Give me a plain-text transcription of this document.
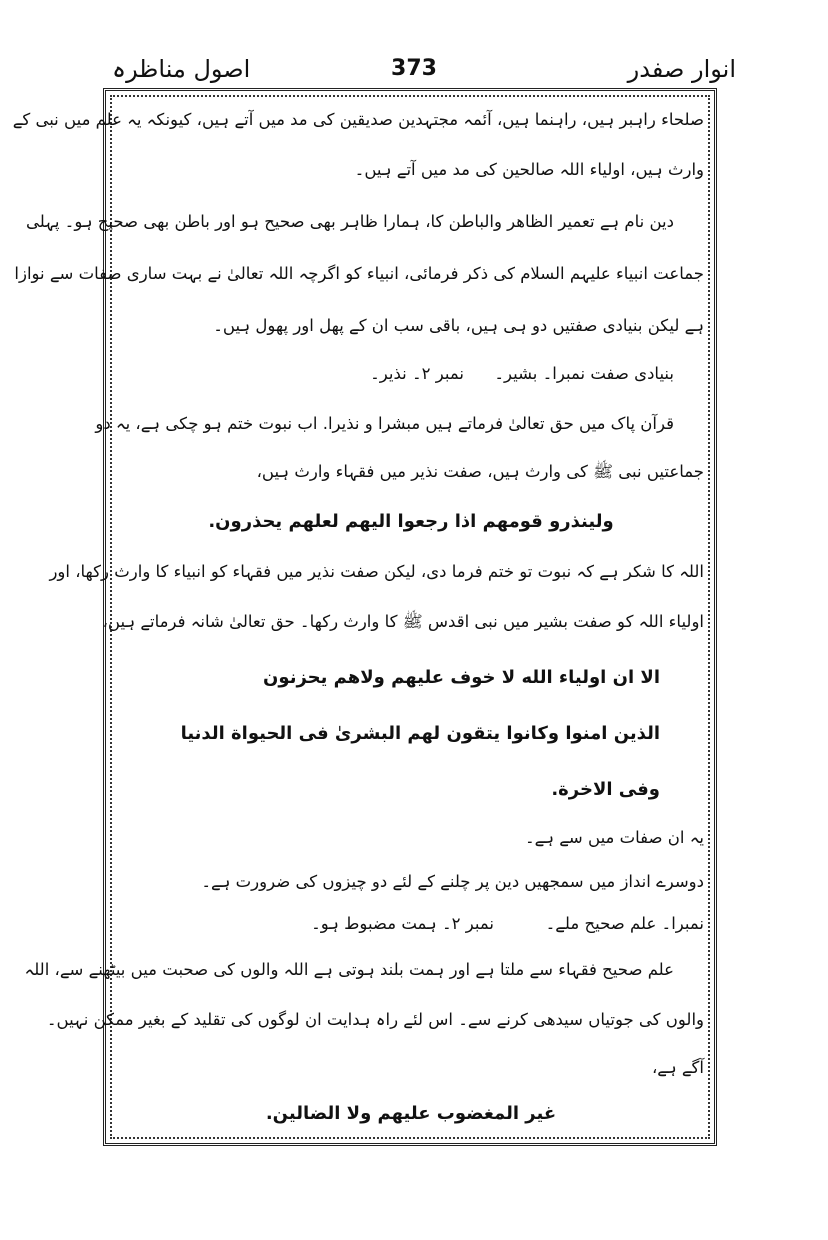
انوار صفدر
373
اصول مناظرہ
صلحاء راہبر ہیں، راہنما ہیں، آئمہ مجتہدین صدیقین کی مد میں آتے ہیں، کیونکہ یہ علم میں نبی کے
وارث ہیں، اولیاء اللہ صالحین کی مد میں آتے ہیں۔
دین نام ہے تعمیر الظاهر والباطن کا، ہمارا ظاہر بھی صحیح ہو اور باطن بھی صحیح ہو۔ پہلی
جماعت انبیاء علیہم السلام کی ذکر فرمائی، انبیاء کو اگرچہ اللہ تعالیٰ نے بہت ساری صفات سے نوازا
ہے لیکن بنیادی صفتیں دو ہی ہیں، باقی سب ان کے پھل اور پھول ہیں۔
بنیادی صفت نمبرا۔ بشیر۔
نمبر ۲۔ نذیر۔
قرآن پاک میں حق تعالیٰ فرماتے ہیں مبشرا و نذیرا. اب نبوت ختم ہو چکی ہے، یہ دو
جماعتیں نبی ﷺ کی وارث ہیں، صفت نذیر میں فقہاء وارث ہیں،
ولینذرو قومهم اذا رجعوا اليهم لعلهم يحذرون.
اللہ کا شکر ہے کہ نبوت تو ختم فرما دی، لیکن صفت نذیر میں فقہاء کو انبیاء کا وارث رکھا، اور
اولیاء اللہ کو صفت بشیر میں نبی اقدس ﷺ کا وارث رکھا۔ حق تعالیٰ شانہ فرماتے ہیں،
الا ان اولياء الله لا خوف عليهم ولاهم يحزنون
الذين امنوا وكانوا يتقون لهم البشرىٰ فى الحيواة الدنيا
وفى الاخرة.
یہ ان صفات میں سے ہے۔
دوسرے انداز میں سمجھیں دین پر چلنے کے لئے دو چیزوں کی ضرورت ہے۔
نمبرا۔ علم صحیح ملے۔
نمبر ۲۔ ہمت مضبوط ہو۔
علم صحیح فقہاء سے ملتا ہے اور ہمت بلند ہوتی ہے اللہ والوں کی صحبت میں بیٹھنے سے، اللہ
والوں کی جوتیاں سیدھی کرنے سے۔ اس لئے راہ ہدایت ان لوگوں کی تقلید کے بغیر ممکن نہیں۔
آگے ہے،
غير المغضوب عليهم ولا الضالين.
